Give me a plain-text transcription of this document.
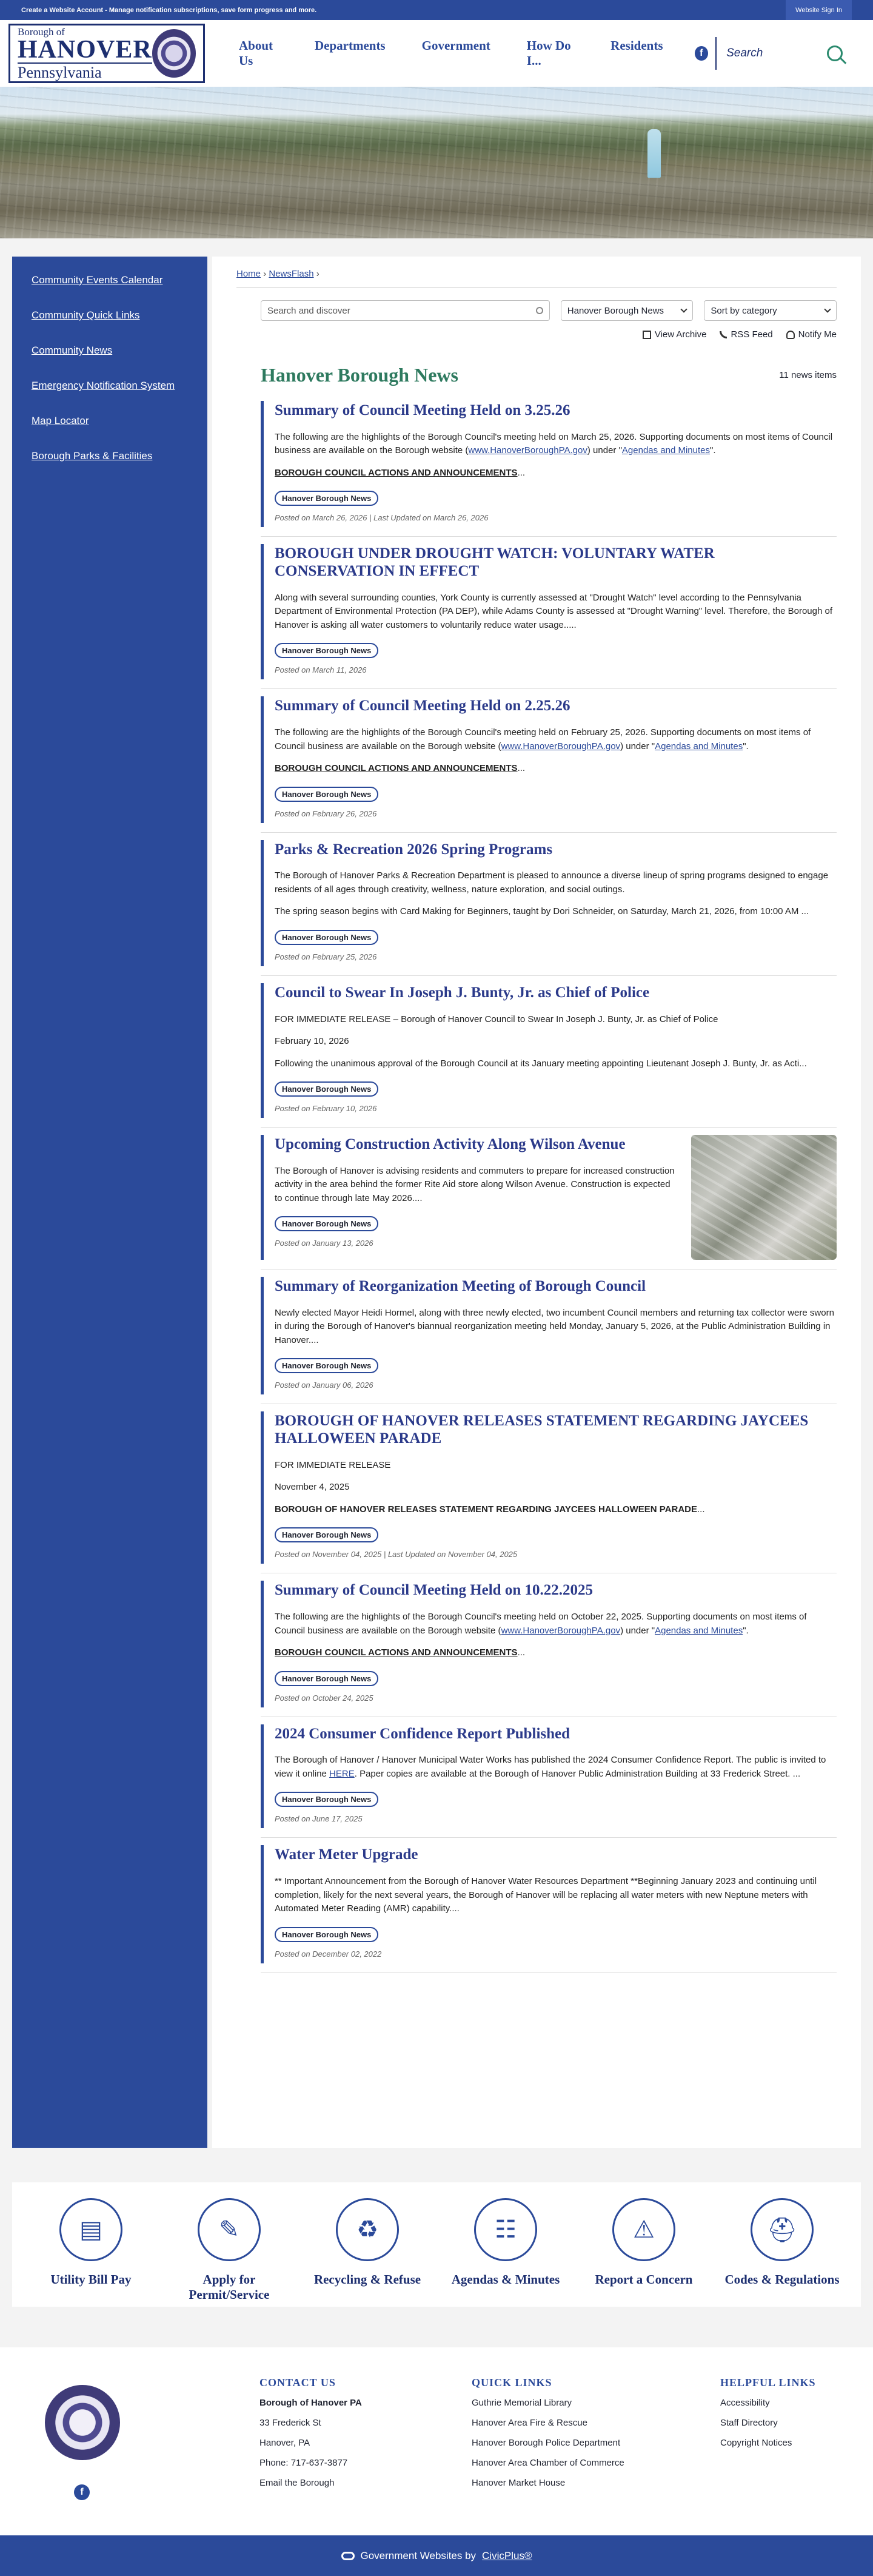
Create a Website Account - Manage notification subscriptions, save form progress and more.	Website Sign In
Borough of
HANOVER
Pennsylvania
About Us
Departments	Government	How Do I...
Residents
f	Search
Community Events Calendar
Community Quick Links
Community News
Emergency Notification System
Map Locator
Borough Parks & Facilities
Home › NewsFlash ›
Search and discover	Hanover Borough News	Sort by category
View Archive	RSS Feed	Notify Me
Hanover Borough News	11 news items
Summary of Council Meeting Held on 3.25.26

The following are the highlights of the Borough Council's meeting held on March 25, 2026. Supporting documents on most items of Council business are available on the Borough website (www.HanoverBoroughPA.gov) under "Agendas and Minutes".

BOROUGH COUNCIL ACTIONS AND ANNOUNCEMENTS...

Hanover Borough News
Posted on March 26, 2026 | Last Updated on March 26, 2026
BOROUGH UNDER DROUGHT WATCH: VOLUNTARY WATER CONSERVATION IN EFFECT

Along with several surrounding counties, York County is currently assessed at "Drought Watch" level according to the Pennsylvania Department of Environmental Protection (PA DEP), while Adams County is assessed at "Drought Warning" level. Therefore, the Borough of Hanover is asking all water customers to voluntarily reduce water usage.....

Hanover Borough News
Posted on March 11, 2026
Summary of Council Meeting Held on 2.25.26

The following are the highlights of the Borough Council's meeting held on February 25, 2026. Supporting documents on most items of Council business are available on the Borough website (www.HanoverBoroughPA.gov) under "Agendas and Minutes".

BOROUGH COUNCIL ACTIONS AND ANNOUNCEMENTS...

Hanover Borough News
Posted on February 26, 2026
Parks & Recreation 2026 Spring Programs

The Borough of Hanover Parks & Recreation Department is pleased to announce a diverse lineup of spring programs designed to engage residents of all ages through creativity, wellness, nature exploration, and social outings.

The spring season begins with Card Making for Beginners, taught by Dori Schneider, on Saturday, March 21, 2026, from 10:00 AM ...

Hanover Borough News
Posted on February 25, 2026
Council to Swear In Joseph J. Bunty, Jr. as Chief of Police

FOR IMMEDIATE RELEASE – Borough of Hanover Council to Swear In Joseph J. Bunty, Jr. as Chief of Police

February 10, 2026

Following the unanimous approval of the Borough Council at its January meeting appointing Lieutenant Joseph J. Bunty, Jr. as Acti...

Hanover Borough News
Posted on February 10, 2026
Upcoming Construction Activity Along Wilson Avenue

The Borough of Hanover is advising residents and commuters to prepare for increased construction activity in the area behind the former Rite Aid store along Wilson Avenue. Construction is expected to continue through late May 2026....

Hanover Borough News
Posted on January 13, 2026
Summary of Reorganization Meeting of Borough Council

Newly elected Mayor Heidi Hormel, along with three newly elected, two incumbent Council members and returning tax collector were sworn in during the Borough of Hanover's biannual reorganization meeting held Monday, January 5, 2026, at the Public Administration Building in Hanover....

Hanover Borough News
Posted on January 06, 2026
BOROUGH OF HANOVER RELEASES STATEMENT REGARDING JAYCEES HALLOWEEN PARADE

FOR IMMEDIATE RELEASE

November 4, 2025

BOROUGH OF HANOVER RELEASES STATEMENT REGARDING JAYCEES HALLOWEEN PARADE...

Hanover Borough News
Posted on November 04, 2025 | Last Updated on November 04, 2025
Summary of Council Meeting Held on 10.22.2025

The following are the highlights of the Borough Council's meeting held on October 22, 2025. Supporting documents on most items of Council business are available on the Borough website (www.HanoverBoroughPA.gov) under "Agendas and Minutes".

BOROUGH COUNCIL ACTIONS AND ANNOUNCEMENTS...

Hanover Borough News
Posted on October 24, 2025
2024 Consumer Confidence Report Published

The Borough of Hanover / Hanover Municipal Water Works has published the 2024 Consumer Confidence Report. The public is invited to view it online HERE. Paper copies are available at the Borough of Hanover Public Administration Building at 33 Frederick Street. ...

Hanover Borough News
Posted on June 17, 2025
Water Meter Upgrade

** Important Announcement from the Borough of Hanover Water Resources Department **Beginning January 2023 and continuing until completion, likely for the next several years, the Borough of Hanover will be replacing all water meters with new Neptune meters with Automated Meter Reading (AMR) capability....

Hanover Borough News
Posted on December 02, 2022
▤
Utility Bill Pay
✎
Apply for Permit/Service
♻
Recycling & Refuse
☷
Agendas & Minutes
⚠
Report a Concern
⛑
Codes & Regulations
f
CONTACT US
Borough of Hanover PA
33 Frederick St
Hanover, PA
Phone: 717-637-3877
Email the Borough
QUICK LINKS
Guthrie Memorial Library
Hanover Area Fire & Rescue
Hanover Borough Police Department
Hanover Area Chamber of Commerce
Hanover Market House
HELPFUL LINKS
Accessibility
Staff Directory
Copyright Notices
Government Websites by CivicPlus®
